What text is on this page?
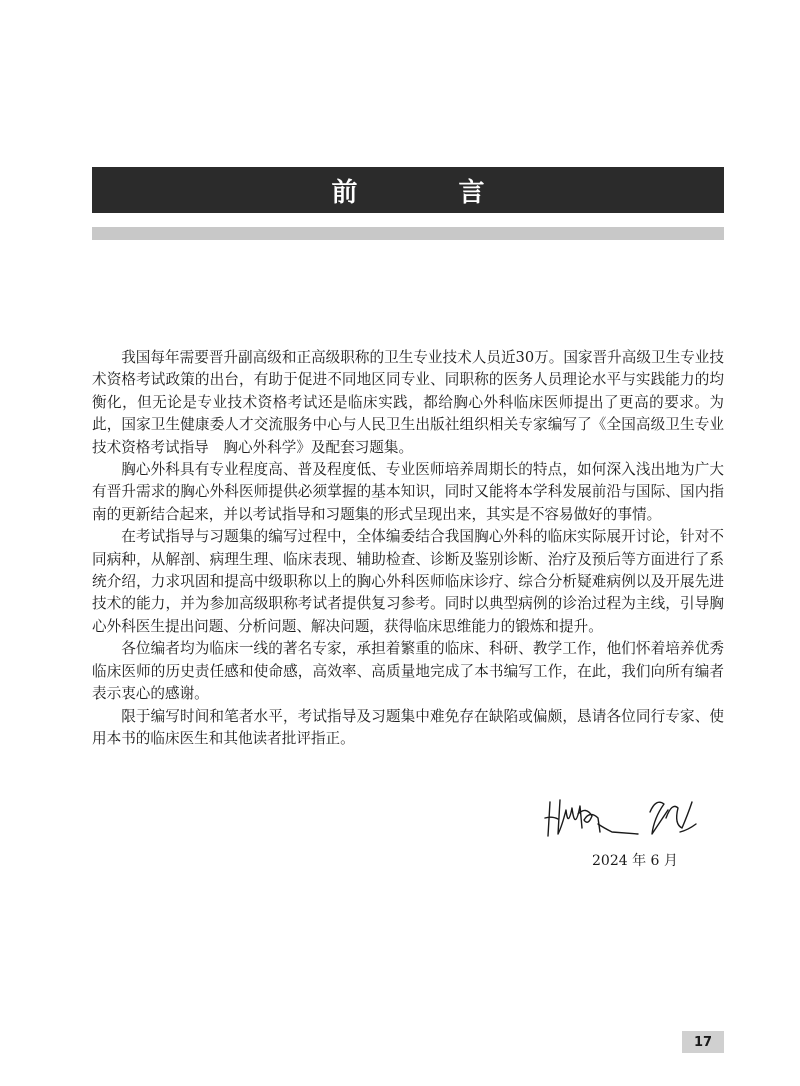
前 言

我国每年需要晋升副高级和正高级职称的卫生专业技术人员近30万。国家晋升高级卫生专业技术资格考试政策的出台，有助于促进不同地区同专业、同职称的医务人员理论水平与实践能力的均衡化，但无论是专业技术资格考试还是临床实践，都给胸心外科临床医师提出了更高的要求。为此，国家卫生健康委人才交流服务中心与人民卫生出版社组织相关专家编写了《全国高级卫生专业技术资格考试指导　胸心外科学》及配套习题集。

胸心外科具有专业程度高、普及程度低、专业医师培养周期长的特点，如何深入浅出地为广大有晋升需求的胸心外科医师提供必须掌握的基本知识，同时又能将本学科发展前沿与国际、国内指南的更新结合起来，并以考试指导和习题集的形式呈现出来，其实是不容易做好的事情。

在考试指导与习题集的编写过程中，全体编委结合我国胸心外科的临床实际展开讨论，针对不同病种，从解剖、病理生理、临床表现、辅助检查、诊断及鉴别诊断、治疗及预后等方面进行了系统介绍，力求巩固和提高中级职称以上的胸心外科医师临床诊疗、综合分析疑难病例以及开展先进技术的能力，并为参加高级职称考试者提供复习参考。同时以典型病例的诊治过程为主线，引导胸心外科医生提出问题、分析问题、解决问题，获得临床思维能力的锻炼和提升。

各位编者均为临床一线的著名专家，承担着繁重的临床、科研、教学工作，他们怀着培养优秀临床医师的历史责任感和使命感，高效率、高质量地完成了本书编写工作，在此，我们向所有编者表示衷心的感谢。

限于编写时间和笔者水平，考试指导及习题集中难免存在缺陷或偏颇，恳请各位同行专家、使用本书的临床医生和其他读者批评指正。

2024 年 6 月
17
